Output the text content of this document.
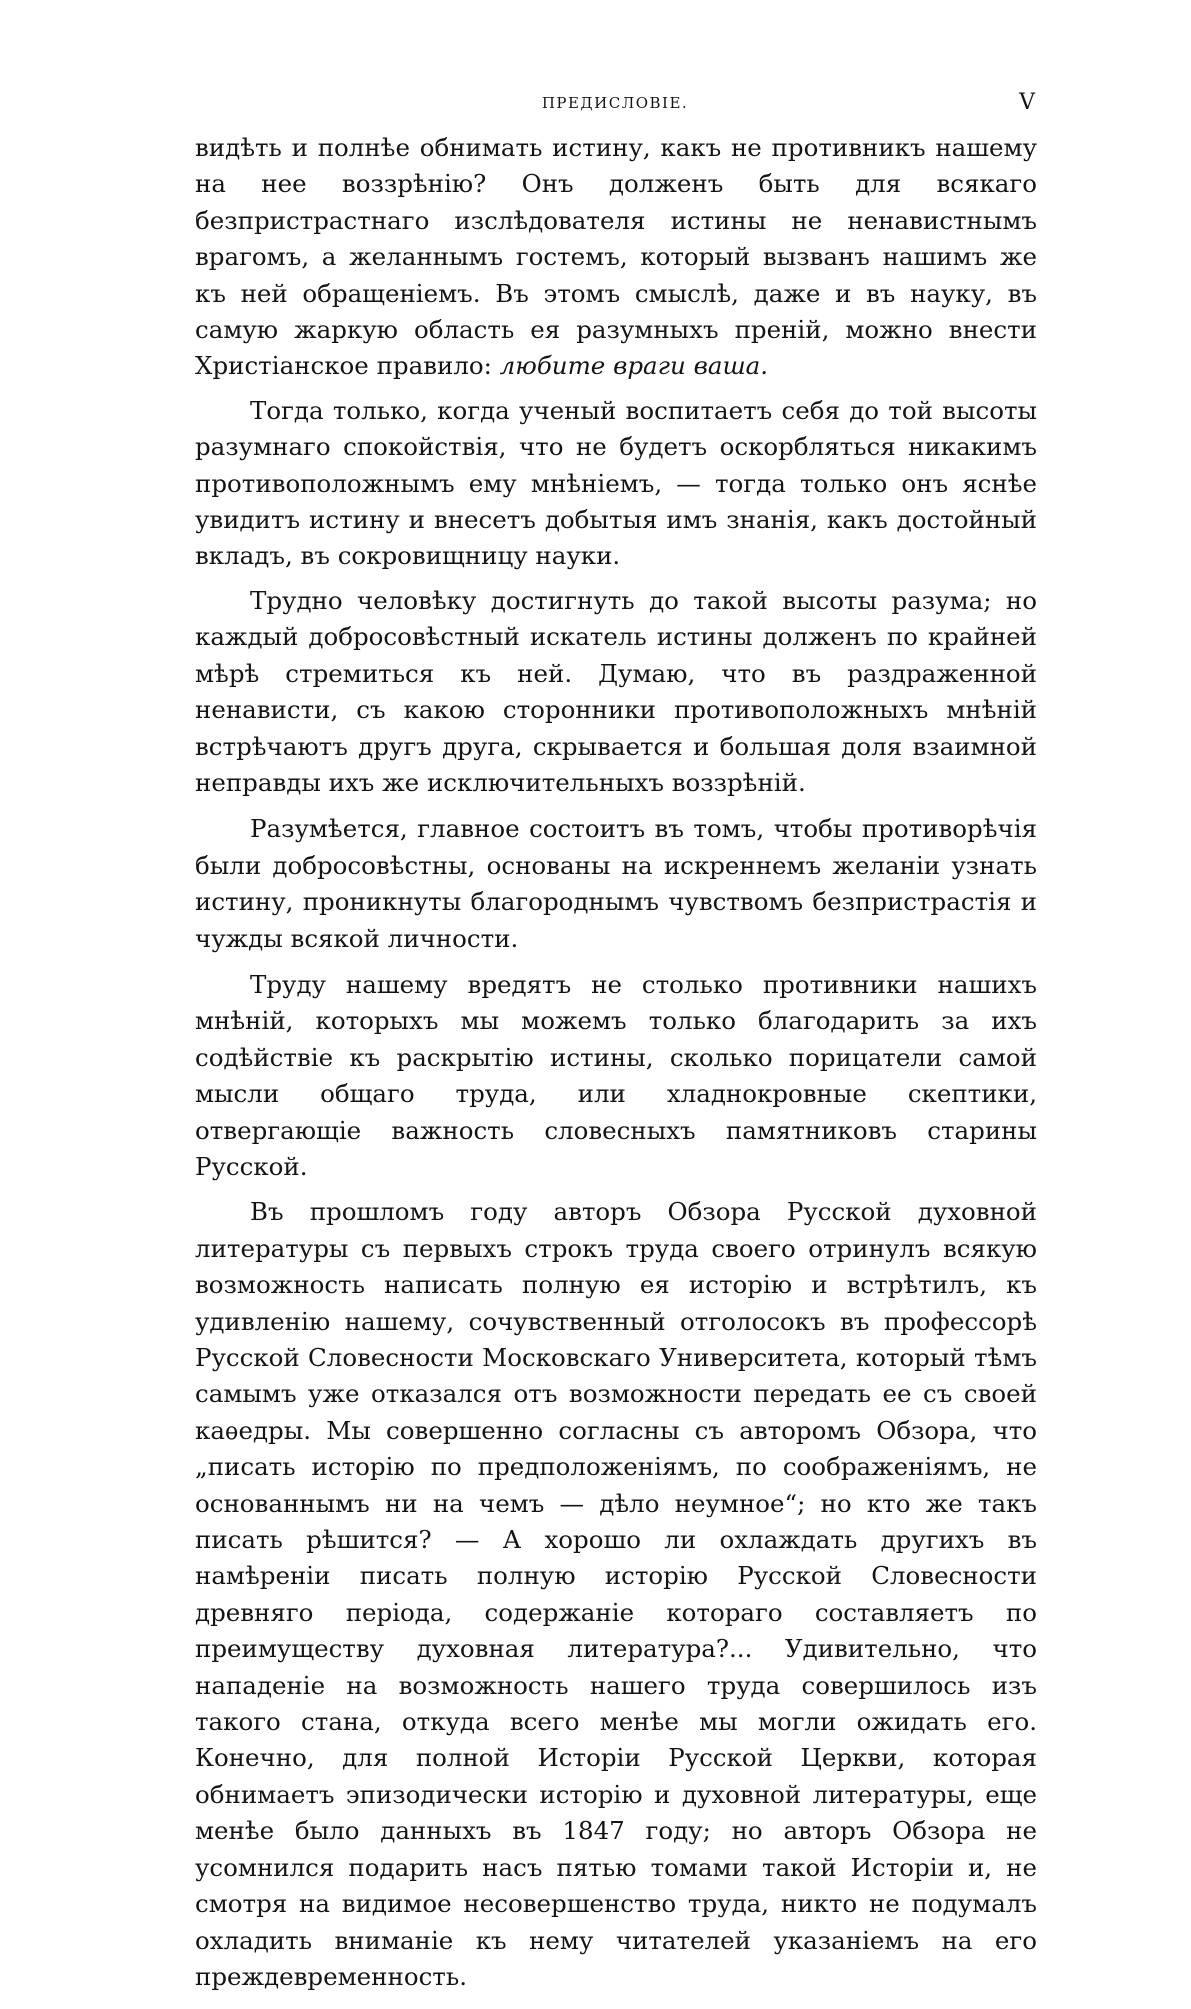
ПРЕДИСЛОВІЕ.	V

видѣть и полнѣе обнимать истину, какъ не противникъ нашему на нее воззрѣнію? Онъ долженъ быть для всякаго безпристрастнаго изслѣдователя истины не ненавистнымъ врагомъ, а желаннымъ гостемъ, который вызванъ нашимъ же къ ней обращеніемъ. Въ этомъ смыслѣ, даже и въ науку, въ самую жаркую область ея разумныхъ преній, можно внести Христіанское правило: любите враги ваша.

Тогда только, когда ученый воспитаетъ себя до той высоты разумнаго спокойствія, что не будетъ оскорбляться никакимъ противоположнымъ ему мнѣніемъ, — тогда только онъ яснѣе увидитъ истину и внесетъ добытыя имъ знанія, какъ достойный вкладъ, въ сокровищницу науки.

Трудно человѣку достигнуть до такой высоты разума; но каждый добросовѣстный искатель истины долженъ по крайней мѣрѣ стремиться къ ней. Думаю, что въ раздраженной ненависти, съ какою сторонники противоположныхъ мнѣній встрѣчаютъ другъ друга, скрывается и большая доля взаимной неправды ихъ же исключительныхъ воззрѣній.

Разумѣется, главное состоитъ въ томъ, чтобы противорѣчія были добросовѣстны, основаны на искреннемъ желаніи узнать истину, проникнуты благороднымъ чувствомъ безпристрастія и чужды всякой личности.

Труду нашему вредятъ не столько противники нашихъ мнѣній, которыхъ мы можемъ только благодарить за ихъ содѣйствіе къ раскрытію истины, сколько порицатели самой мысли общаго труда, или хладнокровные скептики, отвергающіе важность словесныхъ памятниковъ старины Русской.

Въ прошломъ году авторъ Обзора Русской духовной литературы съ первыхъ строкъ труда своего отринулъ всякую возможность написать полную ея исторію и встрѣтилъ, къ удивленію нашему, сочувственный отголосокъ въ профессорѣ Русской Словесности Московскаго Университета, который тѣмъ самымъ уже отказался отъ возможности передать ее съ своей каѳедры. Мы совершенно согласны съ авторомъ Обзора, что „писать исторію по предположеніямъ, по соображеніямъ, не основаннымъ ни на чемъ — дѣло неумное“; но кто же такъ писать рѣшится? — А хорошо ли охлаждать другихъ въ намѣреніи писать полную исторію Русской Словесности древняго періода, содержаніе котораго составляетъ по преимуществу духовная литература?... Удивительно, что нападеніе на возможность нашего труда совершилось изъ такого стана, откуда всего менѣе мы могли ожидать его. Конечно, для полной Исторіи Русской Церкви, которая обнимаетъ эпизодически исторію и духовной литературы, еще менѣе было данныхъ въ 1847 году; но авторъ Обзора не усомнился подарить насъ пятью томами такой Исторіи и, не смотря на видимое несовершенство труда, никто не подумалъ охладить вниманіе къ нему читателей указаніемъ на его преждевременность.
